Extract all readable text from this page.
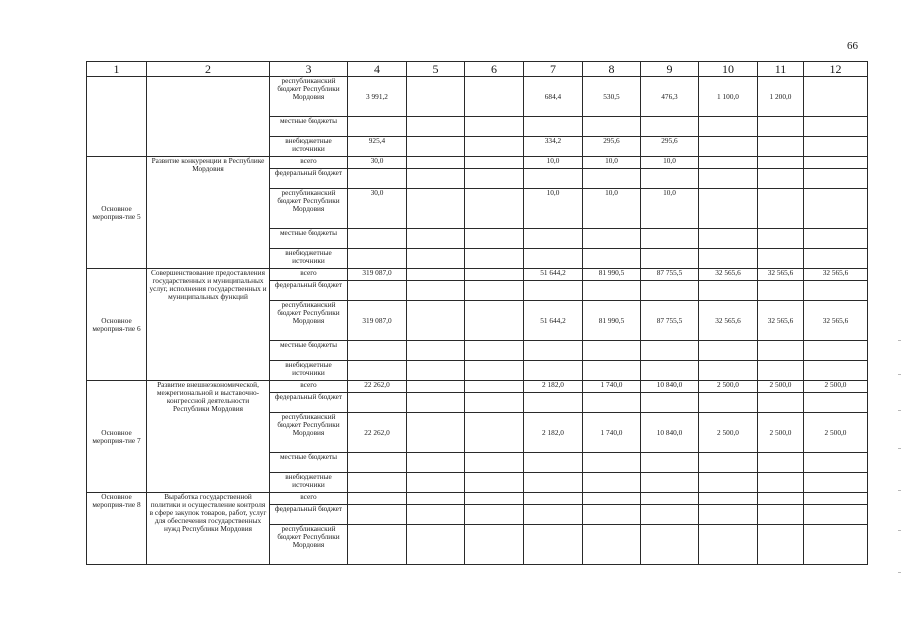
66
1	2	3	4	5	6	7	8	9	10	11	12
		республиканский бюджет Республики Мордовия	3 991,2			684,4	530,5	476,3	1 100,0	1 200,0	
		местные бюджеты									
		внебюджетные источники	925,4			334,2	295,6	295,6			
Основное мероприя-тие 5	Развитие конкуренции в Республике Мордовия	всего	30,0			10,0	10,0	10,0			
		федеральный бюджет									
		республиканский бюджет Республики Мордовия	30,0			10,0	10,0	10,0			
		местные бюджеты									
		внебюджетные источники									
Основное мероприя-тие 6	Совершенствование предоставления государственных и муниципальных услуг, исполнения государственных и муниципальных функций	всего	319 087,0			51 644,2	81 990,5	87 755,5	32 565,6	32 565,6	32 565,6
		федеральный бюджет									
		республиканский бюджет Республики Мордовия	319 087,0			51 644,2	81 990,5	87 755,5	32 565,6	32 565,6	32 565,6
		местные бюджеты									
		внебюджетные источники									
Основное мероприя-тие 7	Развитие внешнеэкономической, межрегиональной и выставочно-конгрессной деятельности Республики Мордовия	всего	22 262,0			2 182,0	1 740,0	10 840,0	2 500,0	2 500,0	2 500,0
		федеральный бюджет									
		республиканский бюджет Республики Мордовия	22 262,0			2 182,0	1 740,0	10 840,0	2 500,0	2 500,0	2 500,0
		местные бюджеты									
		внебюджетные источники									
Основное мероприя-тие 8	Выработка государственной политики и осуществление контроля в сфере закупок товаров, работ, услуг для обеспечения государственных нужд Республики Мордовия	всего									
		федеральный бюджет									
		республиканский бюджет Республики Мордовия									
